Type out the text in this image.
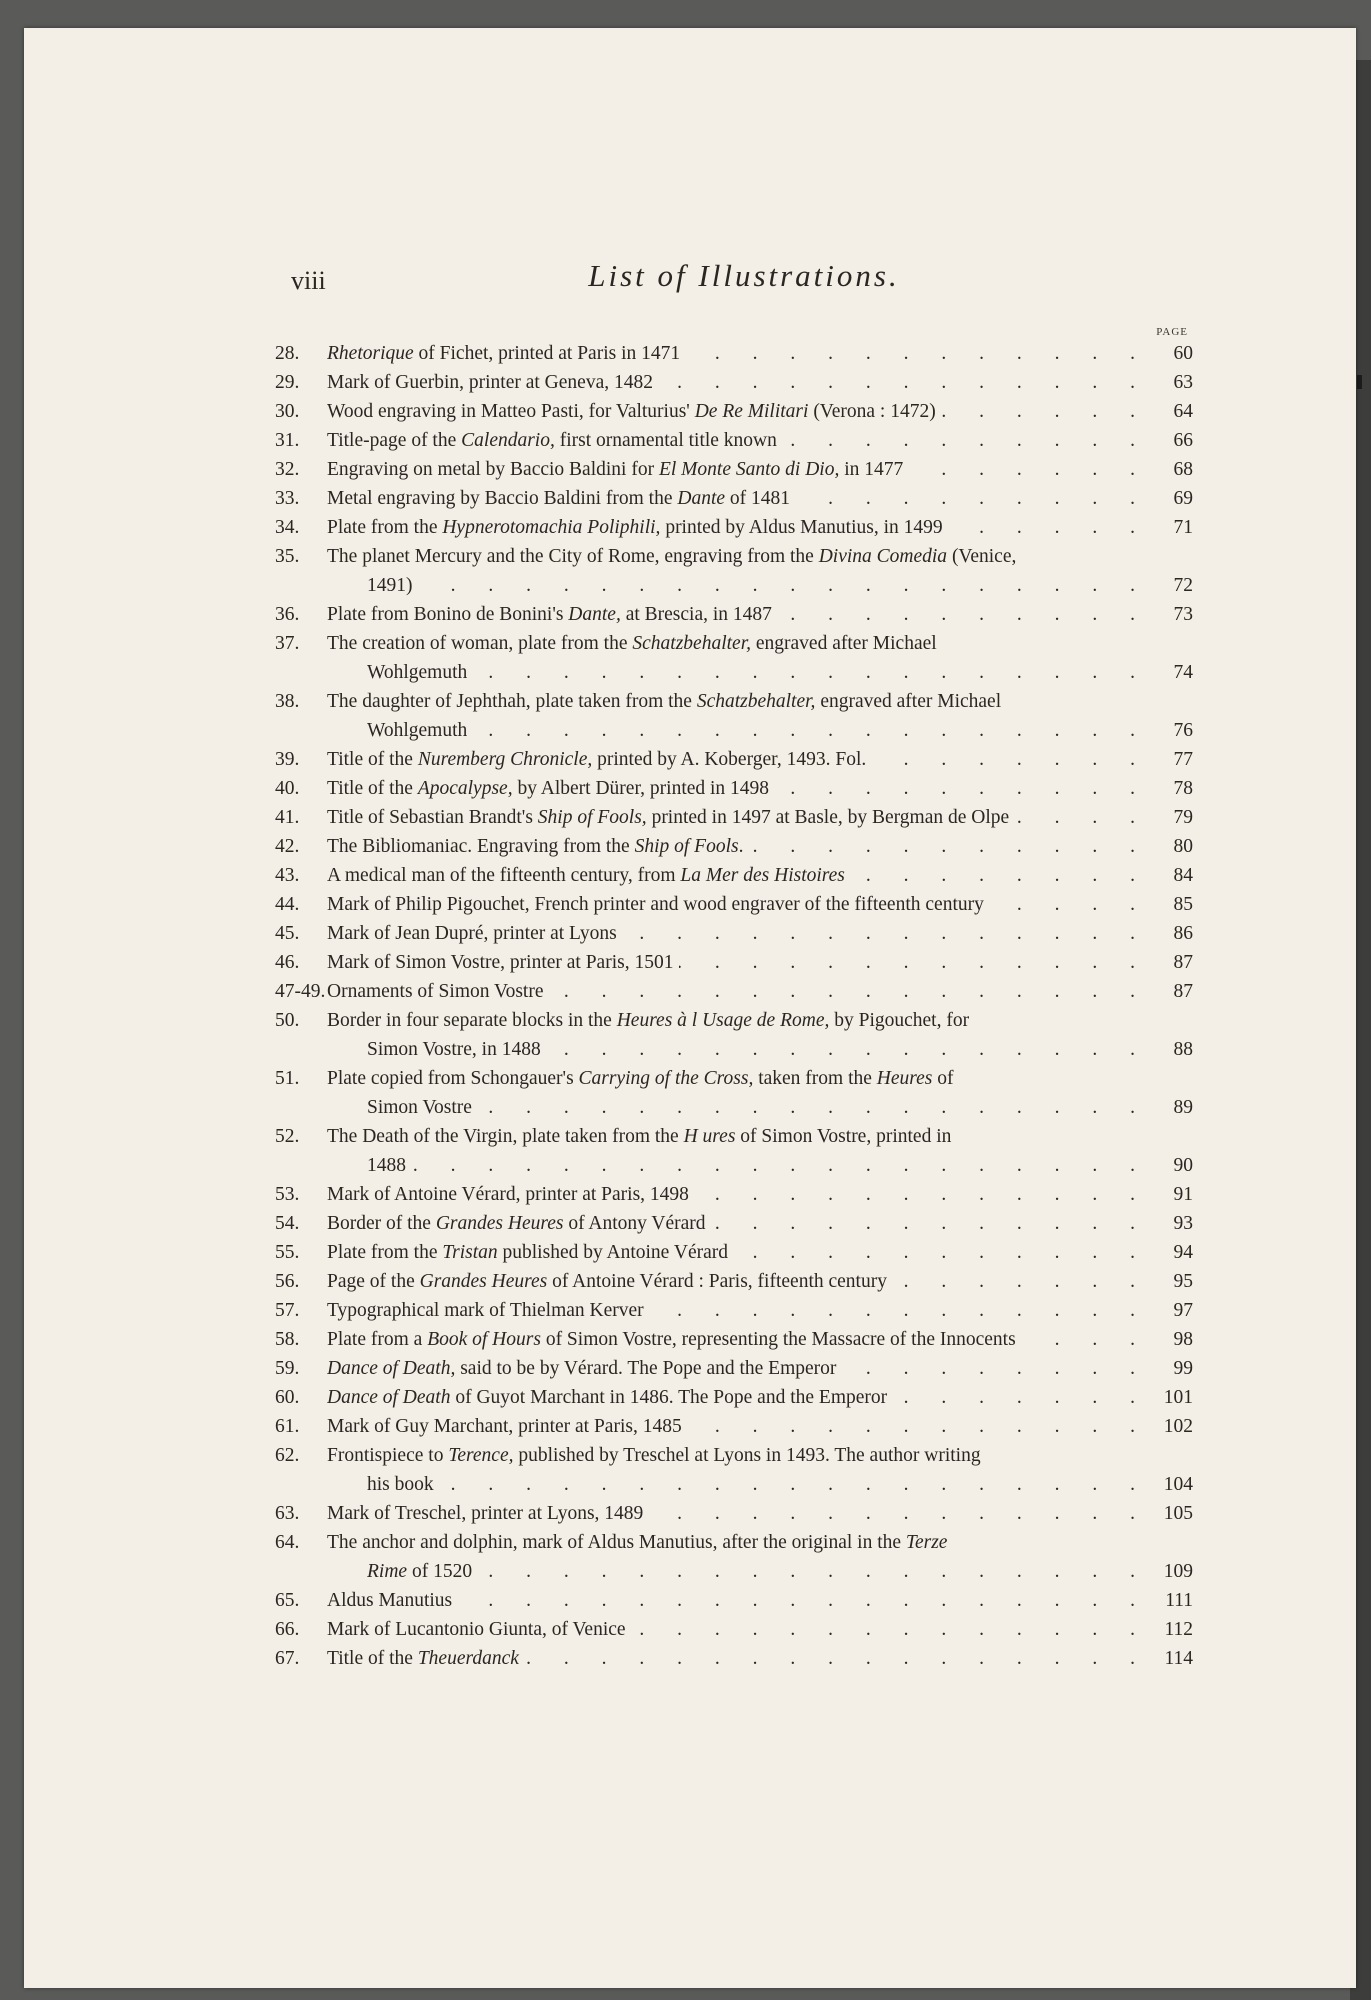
viii	List of Illustrations.
PAGE
28.	Rhetorique of Fichet, printed at Paris in 1471 . . .	60
29.	Mark of Guerbin, printer at Geneva, 1482 . . .	63
30.	Wood engraving in Matteo Pasti, for Valturius' De Re Militari (Verona : 1472) . . .	64
31.	Title-page of the Calendario, first ornamental title known . . .	66
32.	Engraving on metal by Baccio Baldini for El Monte Santo di Dio, in 1477 . . .	68
33.	Metal engraving by Baccio Baldini from the Dante of 1481 . . .	69
34.	Plate from the Hypnerotomachia Poliphili, printed by Aldus Manutius, in 1499 . . .	71
35.	The planet Mercury and the City of Rome, engraving from the Divina Comedia (Venice,
1491) . . .	72
36.	Plate from Bonino de Bonini's Dante, at Brescia, in 1487 . . .	73
37.	The creation of woman, plate from the Schatzbehalter, engraved after Michael
Wohlgemuth . . .	74
38.	The daughter of Jephthah, plate taken from the Schatzbehalter, engraved after Michael
Wohlgemuth . . .	76
39.	Title of the Nuremberg Chronicle, printed by A. Koberger, 1493. Fol. . . .	77
40.	Title of the Apocalypse, by Albert Dürer, printed in 1498 . . .	78
41.	Title of Sebastian Brandt's Ship of Fools, printed in 1497 at Basle, by Bergman de Olpe . . .	79
42.	The Bibliomaniac. Engraving from the Ship of Fools. . . .	80
43.	A medical man of the fifteenth century, from La Mer des Histoires . . .	84
44.	Mark of Philip Pigouchet, French printer and wood engraver of the fifteenth century . . .	85
45.	Mark of Jean Dupré, printer at Lyons . . .	86
46.	Mark of Simon Vostre, printer at Paris, 1501 . . .	87
47-49. Ornaments of Simon Vostre . . .	87
50.	Border in four separate blocks in the Heures à l Usage de Rome, by Pigouchet, for
Simon Vostre, in 1488 . . .	88
51.	Plate copied from Schongauer's Carrying of the Cross, taken from the Heures of
Simon Vostre . . .	89
52.	The Death of the Virgin, plate taken from the H ures of Simon Vostre, printed in
1488 . . .	90
53.	Mark of Antoine Vérard, printer at Paris, 1498 . . .	91
54.	Border of the Grandes Heures of Antony Vérard . . .	93
55.	Plate from the Tristan published by Antoine Vérard . . .	94
56.	Page of the Grandes Heures of Antoine Vérard : Paris, fifteenth century . . .	95
57.	Typographical mark of Thielman Kerver . . .	97
58.	Plate from a Book of Hours of Simon Vostre, representing the Massacre of the Innocents . . .	98
59.	Dance of Death, said to be by Vérard. The Pope and the Emperor . . .	99
60.	Dance of Death of Guyot Marchant in 1486. The Pope and the Emperor . . .	101
61.	Mark of Guy Marchant, printer at Paris, 1485 . . .	102
62.	Frontispiece to Terence, published by Treschel at Lyons in 1493. The author writing
his book . . .	104
63.	Mark of Treschel, printer at Lyons, 1489 . . .	105
64.	The anchor and dolphin, mark of Aldus Manutius, after the original in the Terze
Rime of 1520 . . .	109
65.	Aldus Manutius . . .	111
66.	Mark of Lucantonio Giunta, of Venice . . .	112
67.	Title of the Theuerdanck . . .	114
